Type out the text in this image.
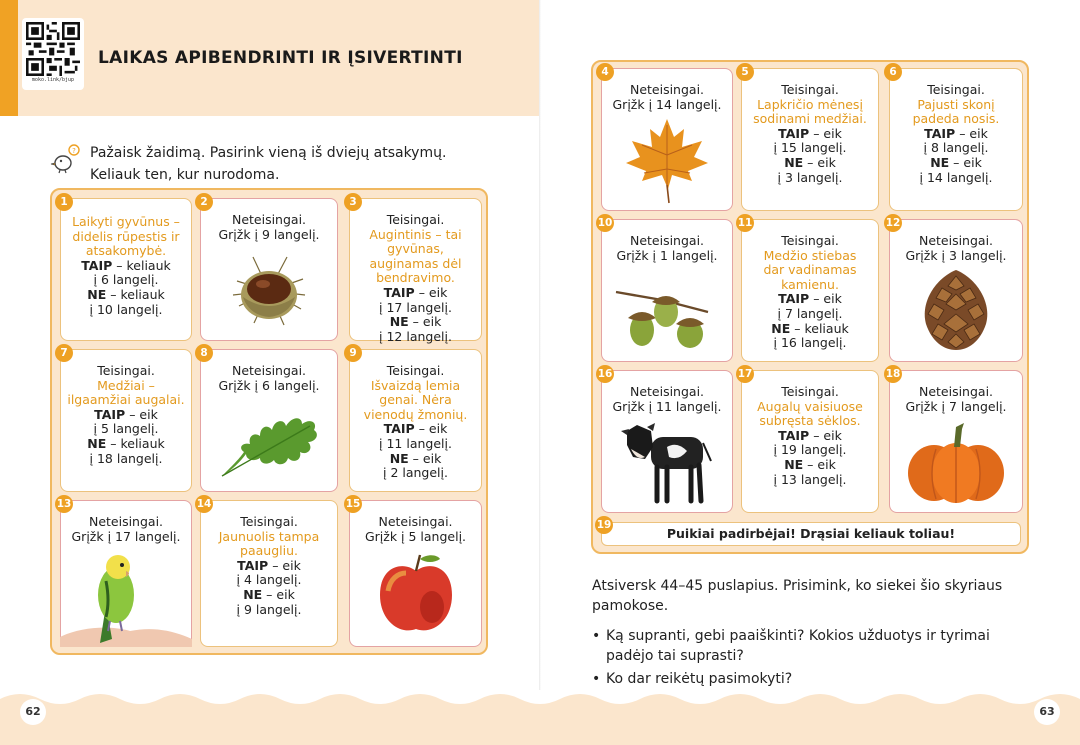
moko.link/bjup
LAIKAS APIBENDRINTI IR ĮSIVERTINTI
? Pažaisk žaidimą. Pasirink vieną iš dviejų atsakymų. Keliauk ten, kur nurodoma.
1
Laikyti gyvūnus – didelis rūpestis ir atsakomybė.
TAIP – keliauk
į 6 langelį.
NE – keliauk
į 10 langelį.
2
Neteisingai.
Grįžk į 9 langelį.
3
Teisingai.
Augintinis – tai gyvūnas, auginamas dėl bendravimo.
TAIP – eik
į 17 langelį.
NE – eik
į 12 langelį.
7
Teisingai.
Medžiai – ilgaamžiai augalai.
TAIP – eik
į 5 langelį.
NE – keliauk
į 18 langelį.
8
Neteisingai.
Grįžk į 6 langelį.
9
Teisingai.
Išvaizdą lemia genai. Nėra vienodų žmonių.
TAIP – eik
į 11 langelį.
NE – eik
į 2 langelį.
13
Neteisingai.
Grįžk į 17 langelį.
14
Teisingai.
Jaunuolis tampa paaugliu.
TAIP – eik
į 4 langelį.
NE – eik
į 9 langelį.
15
Neteisingai.
Grįžk į 5 langelį.
4
Neteisingai.
Grįžk į 14 langelį.
5
Teisingai.
Lapkričio mėnesį sodinami medžiai.
TAIP – eik
į 15 langelį.
NE – eik
į 3 langelį.
6
Teisingai.
Pajusti skonį padeda nosis.
TAIP – eik
į 8 langelį.
NE – eik
į 14 langelį.
10
Neteisingai.
Grįžk į 1 langelį.
11
Teisingai.
Medžio stiebas dar vadinamas kamienu.
TAIP – eik
į 7 langelį.
NE – keliauk
į 16 langelį.
12
Neteisingai.
Grįžk į 3 langelį.
16
Neteisingai.
Grįžk į 11 langelį.
17
Teisingai.
Augalų vaisiuose subręsta sėklos.
TAIP – eik
į 19 langelį.
NE – eik
į 13 langelį.
18
Neteisingai.
Grįžk į 7 langelį.
19
Puikiai padirbėjai! Drąsiai keliauk toliau!

Atsiversk 44–45 puslapius. Prisimink, ko siekei šio skyriaus pamokose.

• Ką supranti, gebi paaiškinti? Kokios užduotys ir tyrimai padėjo tai suprasti?
• Ko dar reikėtų pasimokyti?
62	63
